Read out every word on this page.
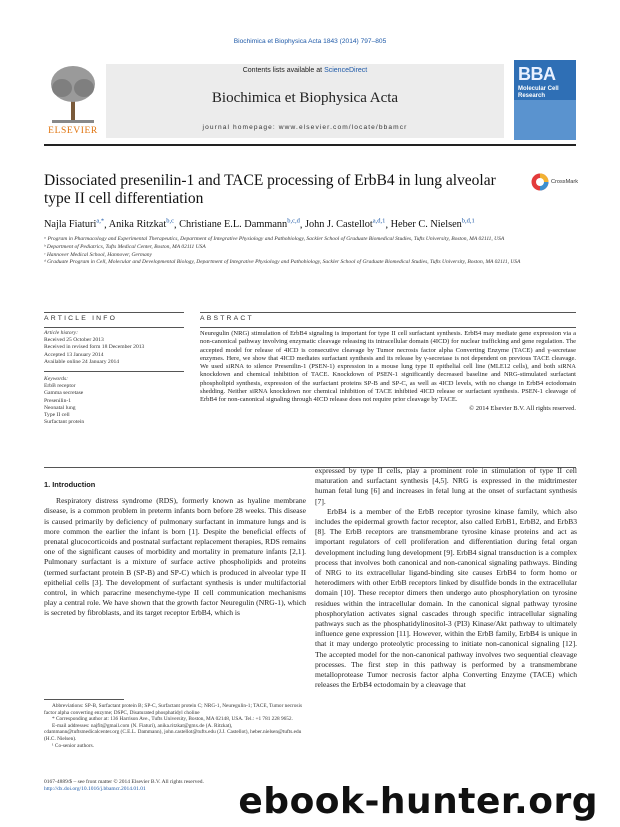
Biochimica et Biophysica Acta 1843 (2014) 797–805
ELSEVIER
Contents lists available at ScienceDirect
Biochimica et Biophysica Acta
journal homepage: www.elsevier.com/locate/bbamcr
BBA
Molecular Cell Research
Dissociated presenilin-1 and TACE processing of ErbB4 in lung alveolar type II cell differentiation
CrossMark
Najla Fiaturi$^{a,*}$, Anika Ritzkat$^{b,c}$, Christiane E.L. Dammann$^{b,c,d}$, John J. Castellot$^{a,d,1}$, Heber C. Nielsen$^{b,d,1}$
ᵃ Program in Pharmacology and Experimental Therapeutics, Department of Integrative Physiology and Pathobiology, Sackler School of Graduate Biomedical Studies, Tufts University, Boston, MA 02111, USA
ᵇ Department of Pediatrics, Tufts Medical Center, Boston, MA 02111 USA
ᶜ Hannover Medical School, Hannover, Germany
ᵈ Graduate Program in Cell, Molecular and Developmental Biology, Department of Integrative Physiology and Pathobiology, Sackler School of Graduate Biomedical Studies, Tufts University, Boston, MA 02111, USA
ARTICLE INFO	ABSTRACT
Article history:
Received 25 October 2013
Received in revised form 18 December 2013
Accepted 13 January 2014
Available online 24 January 2014
Keywords:
ErbB receptor
Gamma secretase
Presenilin-1
Neonatal lung
Type II cell
Surfactant protein
Neuregulin (NRG) stimulation of ErbB4 signaling is important for type II cell surfactant synthesis. ErbB4 may mediate gene expression via a non-canonical pathway involving enzymatic cleavage releasing its intracellular domain (4ICD) for nuclear trafficking and gene regulation. The accepted model for release of 4ICD is consecutive cleavage by Tumor necrosis factor alpha Converting Enzyme (TACE) and γ-secretase enzymes. Here, we show that 4ICD mediates surfactant synthesis and its release by γ-secretase is not dependent on previous TACE cleavage. We used siRNA to silence Presenilin-1 (PSEN-1) expression in a mouse lung type II epithelial cell line (MLE12 cells), and both siRNA knockdown and chemical inhibition of TACE. Knockdown of PSEN-1 significantly decreased baseline and NRG-stimulated surfactant phospholipid synthesis, expression of the surfactant proteins SP-B and SP-C, as well as 4ICD levels, with no change in ErbB4 ectodomain shedding. Neither siRNA knockdown nor chemical inhibition of TACE inhibited 4ICD release or surfactant synthesis. PSEN-1 cleavage of ErbB4 for non-canonical signaling through 4ICD release does not require prior cleavage by TACE.
© 2014 Elsevier B.V. All rights reserved.
1. Introduction

Respiratory distress syndrome (RDS), formerly known as hyaline membrane disease, is a common problem in preterm infants born before 28 weeks. This disease is caused primarily by deficiency of pulmonary surfactant in immature lungs and is more common the earlier the infant is born [1]. Despite the beneficial effects of prenatal glucocorticoids and postnatal surfactant replacement therapies, RDS remains one of the significant causes of morbidity and mortality in premature infants [2,1]. Pulmonary surfactant is a mixture of surface active phospholipids and proteins (termed surfactant protein B (SP-B) and SP-C) which is produced in alveolar type II epithelial cells [3]. The development of surfactant synthesis is under multifactorial control, in which paracrine mesenchyme-type II cell communication mechanisms play a central role. We have shown that the growth factor Neuregulin (NRG-1), which is secreted by fibroblasts, and its target receptor ErbB4, which is

expressed by type II cells, play a prominent role in stimulation of type II cell maturation and surfactant synthesis [4,5]. NRG is expressed in the midtrimester human fetal lung [6] and increases in fetal lung at the onset of surfactant synthesis [7].

ErbB4 is a member of the ErbB receptor tyrosine kinase family, which also includes the epidermal growth factor receptor, also called ErbB1, ErbB2, and ErbB3 [8]. The ErbB receptors are transmembrane tyrosine kinase proteins and act as important regulators of cell proliferation and differentiation during fetal organ development including lung development [9]. ErbB4 signal transduction is a complex process that involves both canonical and non-canonical signaling pathways. Binding of NRG to its extracellular ligand-binding site causes ErbB4 to form homo or heterodimers with other ErbB receptors linked by disulfide bonds in the extracellular domain [10]. These receptor dimers then undergo auto phosphorylation on tyrosine residues within the intracellular domain. In the canonical signal pathway tyrosine phosphorylation activates signal cascades through specific intracellular signaling pathways such as the phosphatidylinositol-3 (PI3) Kinase/Akt pathway to ultimately influence gene expression [11]. However, within the ErbB family, ErbB4 is unique in that it may undergo proteolytic processing to initiate non-canonical signaling [12]. The accepted model for the non-canonical pathway involves two sequential cleavage processes. The first step in this pathway is performed by a transmembrane metalloprotease Tumor necrosis factor alpha Converting Enzyme (TACE) which releases the ErbB4 ectodomain by a cleavage that

Abbreviations: SP-B, Surfactant protein B; SP-C, Surfactant protein C; NRG-1, Neuregulin-1; TACE, Tumor necrosis factor alpha converting enzyme; DSPC, Disaturated phosphatidyl choline

* Corresponding author at: 136 Harrison Ave., Tufts University, Boston, MA 02148, USA. Tel.: +1 781 228 9652.

E-mail addresses: najfit@gmail.com (N. Fiaturi), anika.ritzkat@gmx.de (A. Ritzkat), cdammann@tuftsmedicalcenter.org (C.E.L. Dammann), john.castellot@tufts.edu (J.J. Castellot), heber.nielsen@tufts.edu (H.C. Nielsen).

¹ Co-senior authors.

0167-4889/$ – see front matter © 2014 Elsevier B.V. All rights reserved.
http://dx.doi.org/10.1016/j.bbamcr.2014.01.01	ebook-hunter.org
